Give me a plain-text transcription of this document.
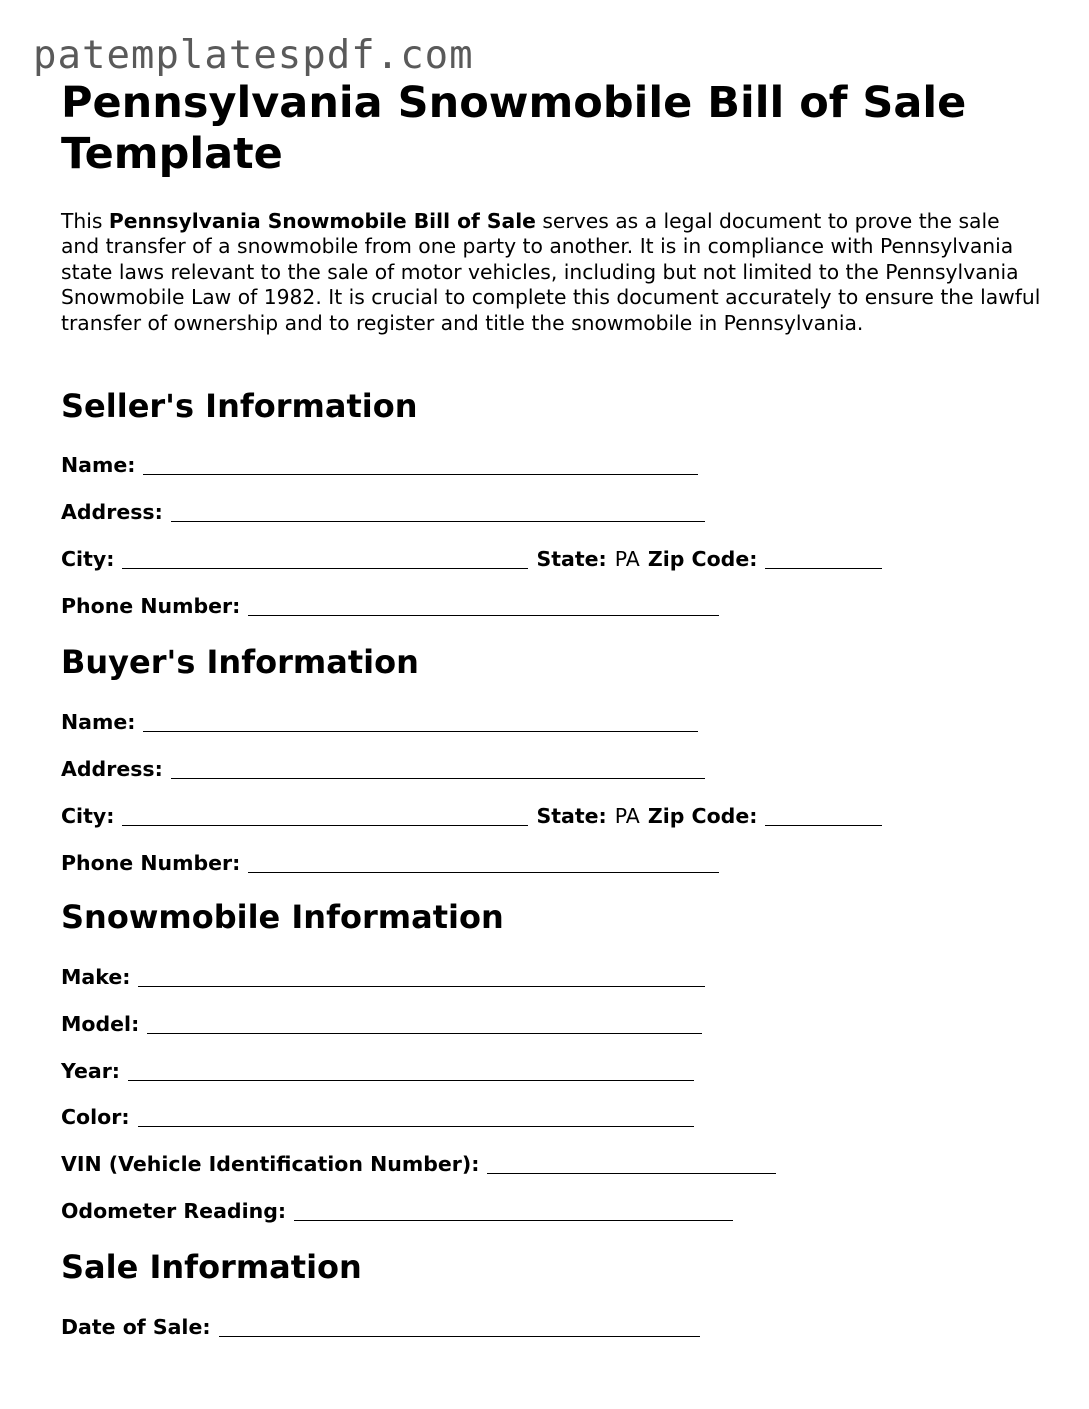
patemplatespdf.com
Pennsylvania Snowmobile Bill of Sale Template

This Pennsylvania Snowmobile Bill of Sale serves as a legal document to prove the sale and transfer of a snowmobile from one party to another. It is in compliance with Pennsylvania state laws relevant to the sale of motor vehicles, including but not limited to the Pennsylvania Snowmobile Law of 1982. It is crucial to complete this document accurately to ensure the lawful transfer of ownership and to register and title the snowmobile in Pennsylvania.

Seller's Information
Name:
Address:
City:	State: PA Zip Code:
Phone Number:
Buyer's Information
Name:
Address:
City:	State: PA Zip Code:
Phone Number:
Snowmobile Information
Make:
Model:
Year:
Color:
VIN (Vehicle Identification Number):
Odometer Reading:
Sale Information
Date of Sale:
